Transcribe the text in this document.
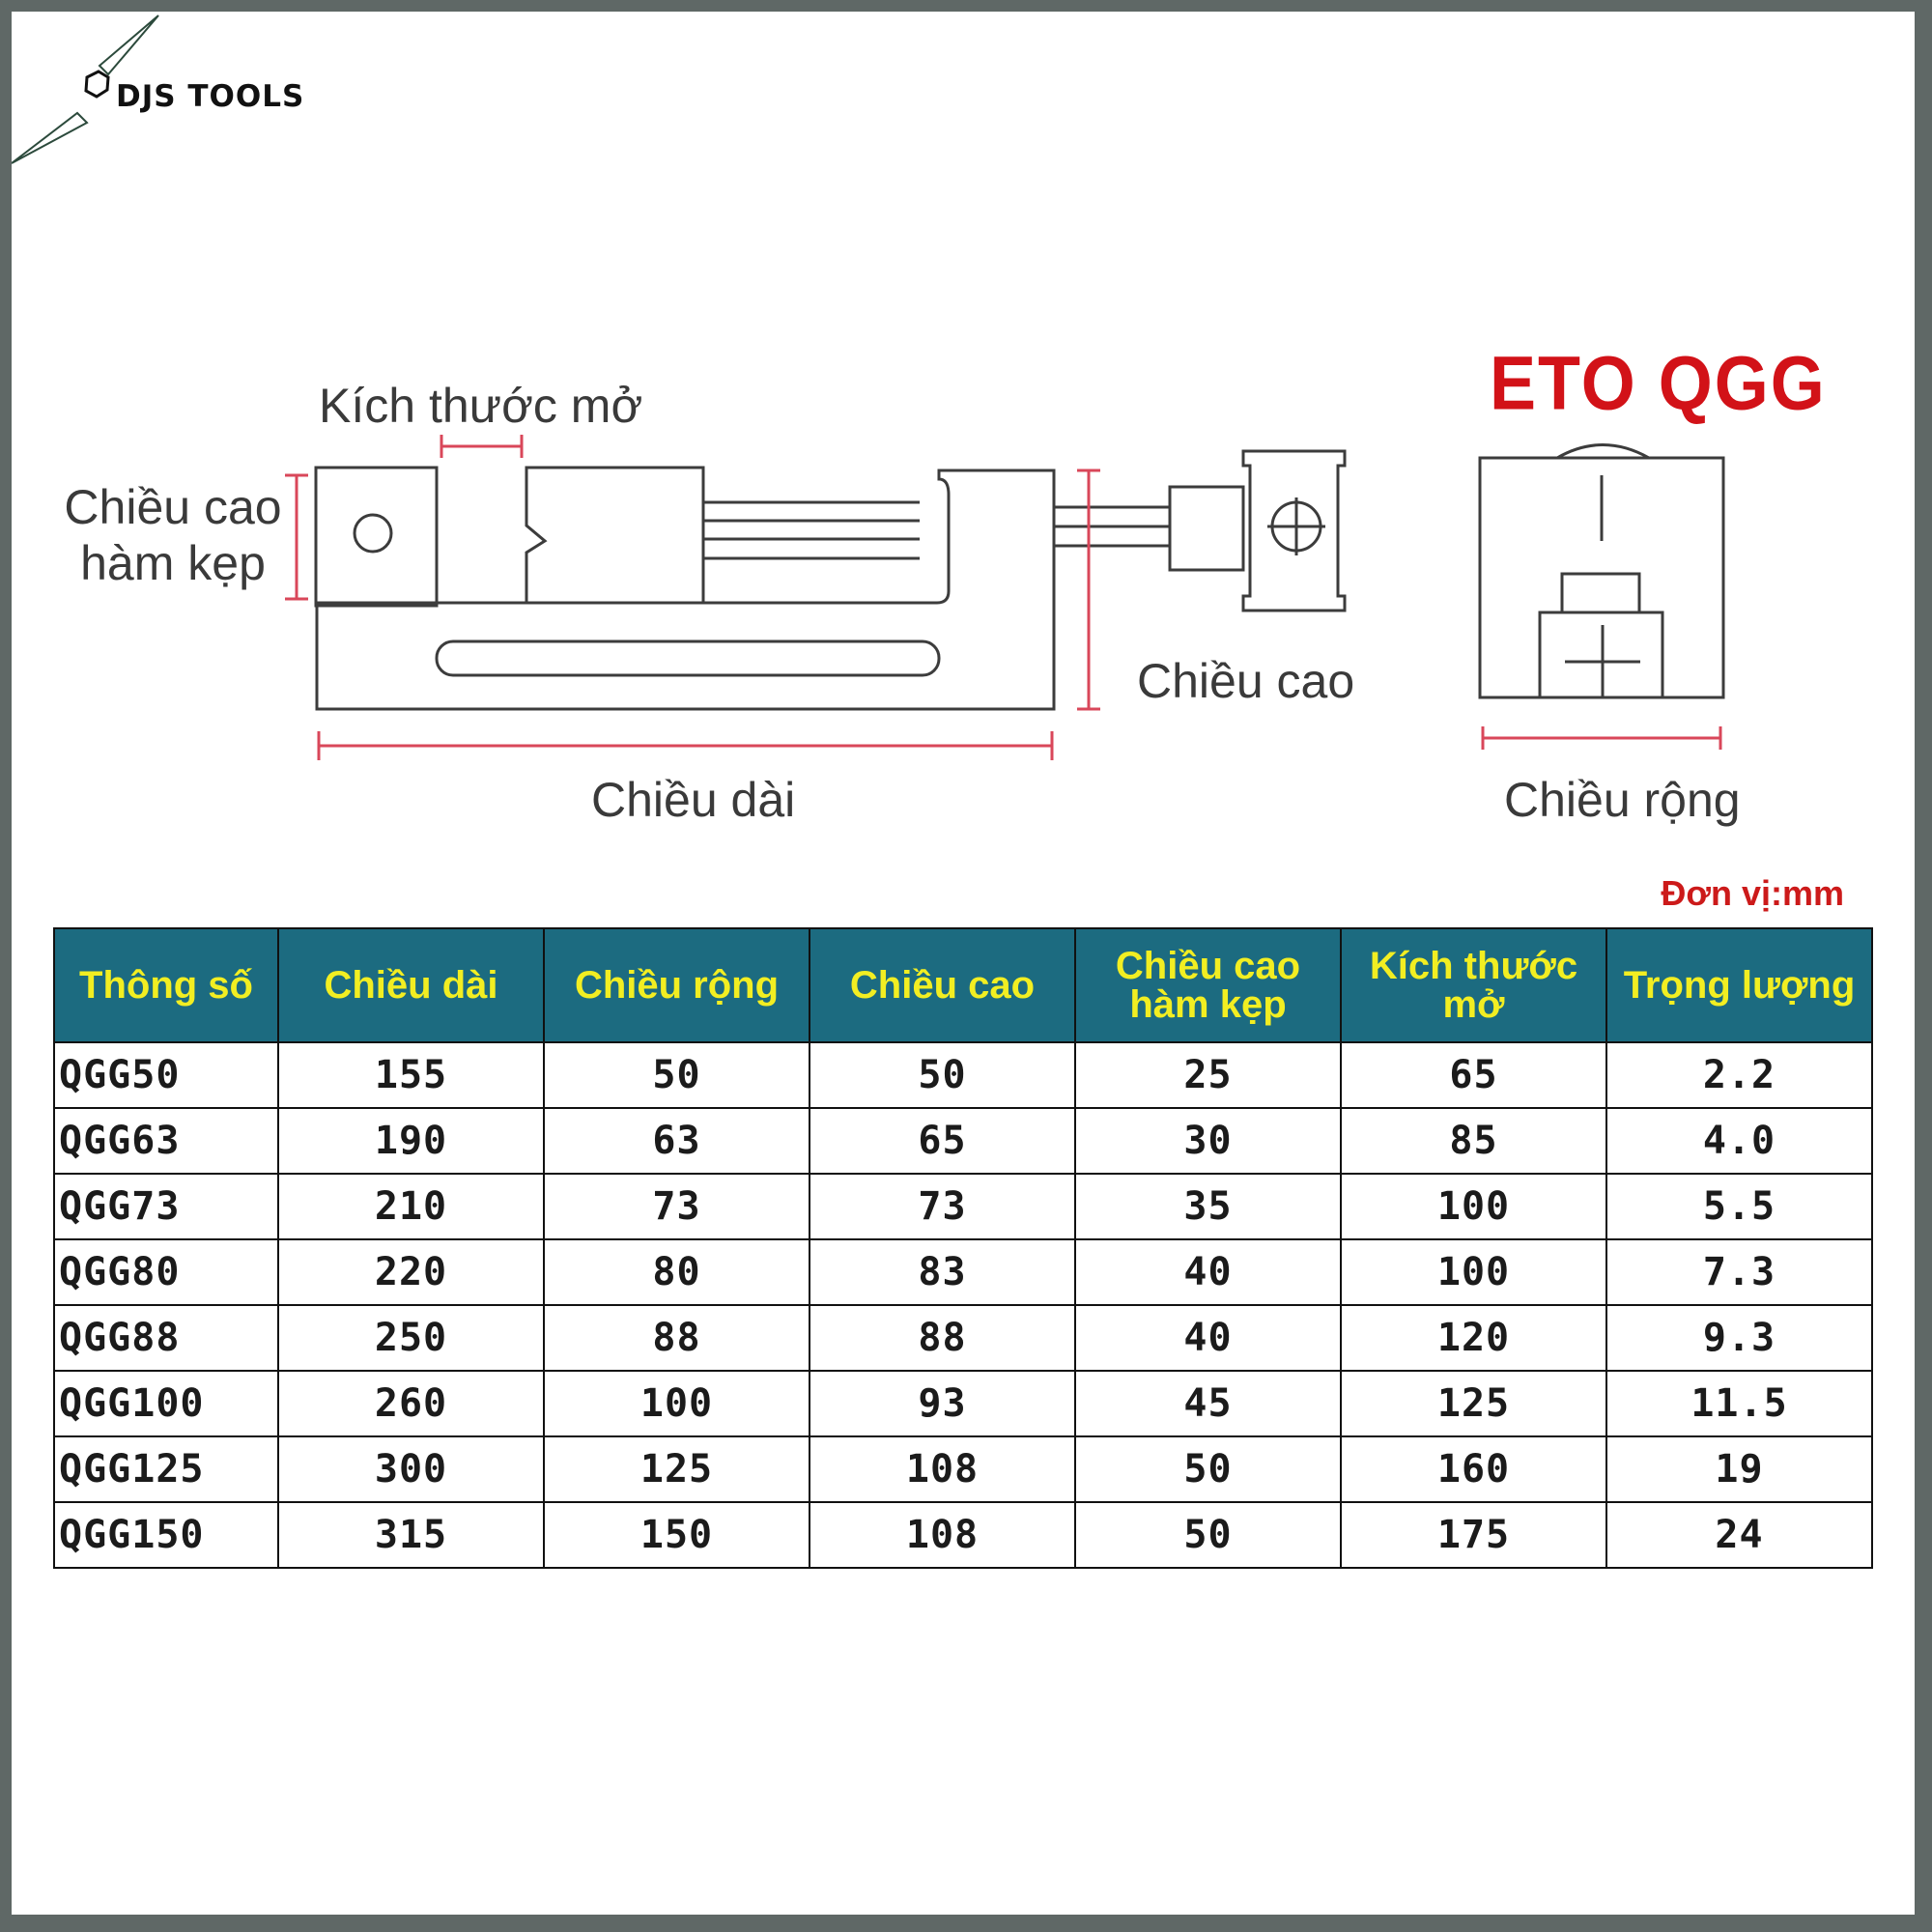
DJS TOOLS
ETO QGG
Kích thước mở
Chiều cao
hàm kẹp
Chiều cao
Chiều dài	Chiều rộng
Đơn vị:mm
Thông số	Chiều dài	Chiều rộng	Chiều cao	Chiều cao hàm kẹp	Kích thước mở	Trọng lượng
QGG50	155	50	50	25	65	2.2
QGG63	190	63	65	30	85	4.0
QGG73	210	73	73	35	100	5.5
QGG80	220	80	83	40	100	7.3
QGG88	250	88	88	40	120	9.3
QGG100	260	100	93	45	125	11.5
QGG125	300	125	108	50	160	19
QGG150	315	150	108	50	175	24
